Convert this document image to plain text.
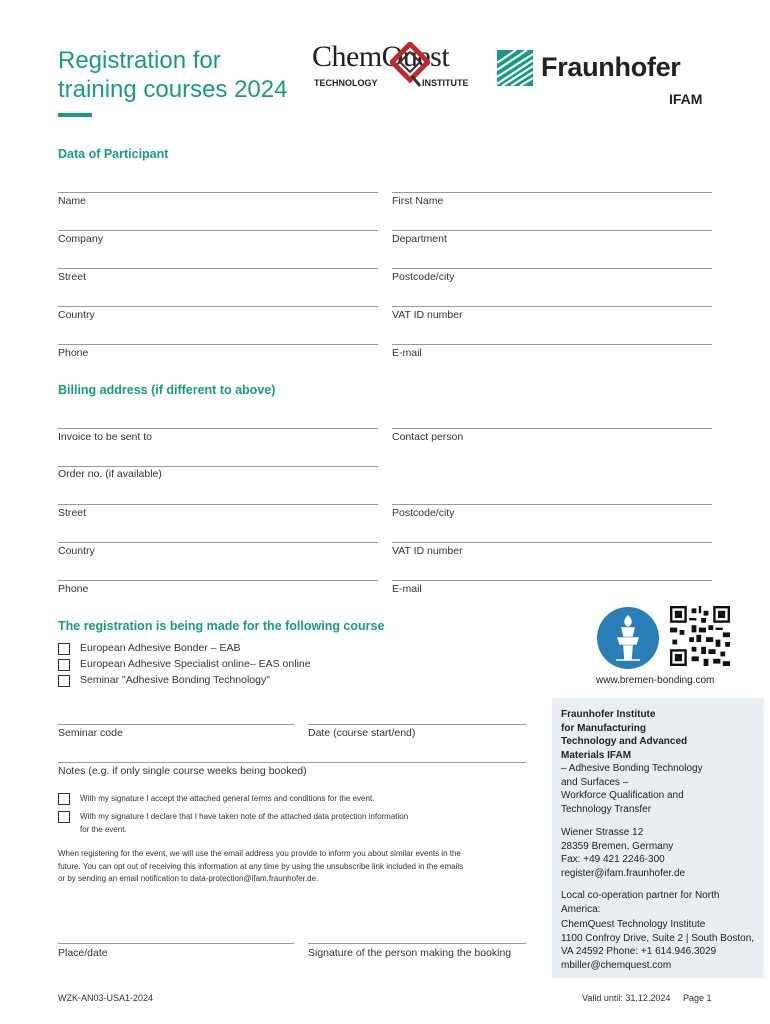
Registration for
training courses 2024
ChemQuest
TECHNOLOGY	INSTITUTE
Fraunhofer
IFAM
Data of Participant
Name	First Name
Company	Department
Street	Postcode/city
Country	VAT ID number
Phone	E-mail
Billing address (if different to above)
Invoice to be sent to	Contact person
Order no. (if available)
Street	Postcode/city
Country	VAT ID number
Phone	E-mail
The registration is being made for the following course
European Adhesive Bonder – EAB
European Adhesive Specialist online– EAS online
Seminar "Adhesive Bonding Technology"	www.bremen-bonding.com
Seminar code	Date (course start/end)
Notes (e.g. if only single course weeks being booked)
With my signature I accept the attached general terms and conditions for the event.
With my signature I declare that I have taken note of the attached data protection information
for the event.
When registering for the event, we will use the email address you provide to inform you about similar events in the
future. You can opt out of receiving this information at any time by using the unsubscribe link included in the emails
or by sending an email notification to data-protection@ifam.fraunhofer.de.
Place/date	Signature of the person making the booking
Fraunhofer Institute
for Manufacturing
Technology and Advanced
Materials IFAM
– Adhesive Bonding Technology
and Surfaces –
Workforce Qualification and
Technology Transfer
Wiener Strasse 12
28359 Bremen, Germany
Fax: +49 421 2246-300
register@ifam.fraunhofer.de
Local co-operation partner for North
America:
ChemQuest Technology Institute
1100 Confroy Drive, Suite 2 | South Boston,
VA 24592 Phone: +1 614.946.3029
mbiller@chemquest.com
WZK-AN03-USA1-2024	Valid until: 31.12.2024 Page 1
